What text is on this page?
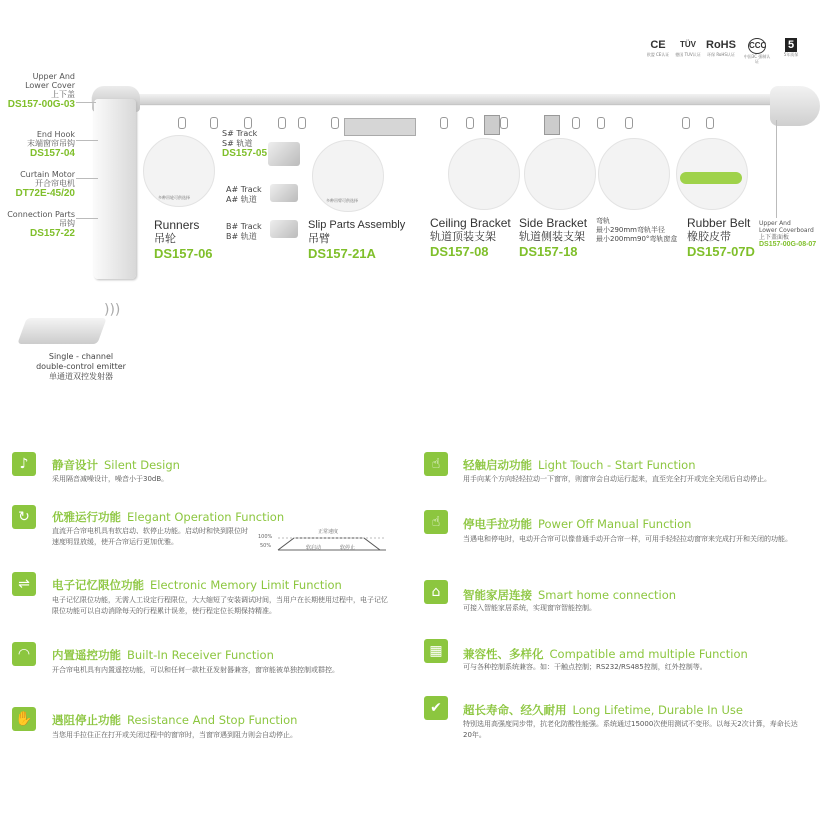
CE
欧盟 CE认证
TÜV
德国 TUV认证
RoHS
环保 RoHS认证
CCC
中国3C 强制认证
5
5年质保
Upper And
Lower Cover
上下盖
DS157-00G-03
End Hook
末端窗帘吊钩
DS157-04
Curtain Motor
开合帘电机
DT72E-45/20
Connection Parts
吊钩
DS157-22
多种吊轮可供选择
Runners
吊轮
DS157-06
S# Track
S# 轨道
DS157-05
A# Track
A# 轨道
B# Track
B# 轨道
多种吊臂可供选择
Slip Parts Assembly
吊臂
DS157-21A
Ceiling Bracket
轨道顶装支架
DS157-08
Side Bracket
轨道侧装支架
DS157-18
弯轨
最小290mm弯轨半径
最小200mm90°弯轨窗盒
Rubber Belt
橡胶皮带
DS157-07D
Upper And
Lower Coverboard
上下盖面板
DS157-00G-08-07
)))
Single - channel
double-control emitter
单通道双控发射器
♪	静音设计 Silent Design
采用隔音减噪设计，噪音小于30dB。
↻	优雅运行功能 Elegant Operation Function
直流开合帘电机具有软启动、软停止功能。启动时和快到限位时速度明显放缓，使开合帘运行更加优雅。
正常速度
100%
50%	软启动	软停止
⇌	电子记忆限位功能 Electronic Memory Limit Function
电子记忆限位功能，无需人工设定行程限位，大大缩短了安装调试时间，当用户在长期使用过程中，电子记忆限位功能可以自动消除每天的行程累计误差，使行程定位长期保持精准。
◠	内置遥控功能 Built-In Receiver Function
开合帘电机具有内置遥控功能，可以和任何一款杜亚发射器兼容，窗帘能被单独控制或群控。
✋ 遇阻停止功能 Resistance And Stop Function
当您用手拉住正在打开或关闭过程中的窗帘时，当窗帘遇到阻力则会自动停止。
☝	轻触启动功能 Light Touch - Start Function
用手向某个方向轻轻拉动一下窗帘，则窗帘会自动运行起来，直至完全打开或完全关闭后自动停止。
☝	停电手拉功能 Power Off Manual Function
当遇电和停电时，电动开合帘可以像普通手动开合帘一样，可用手轻轻拉动窗帘来完成打开和关闭的功能。
⌂	智能家居连接 Smart home connection
可接入智能家居系统，实现窗帘智能控制。
▦	兼容性、多样化 Compatible amd multiple Function
可与各种控制系统兼容。如：干触点控制；RS232/RS485控制，红外控制等。
✔	超长寿命、经久耐用 Long Lifetime, Durable In Use
特别选用高强度同步带，抗老化防酸性能强。系统通过15000次使用测试不变形。以每天2次计算，寿命长达20年。
